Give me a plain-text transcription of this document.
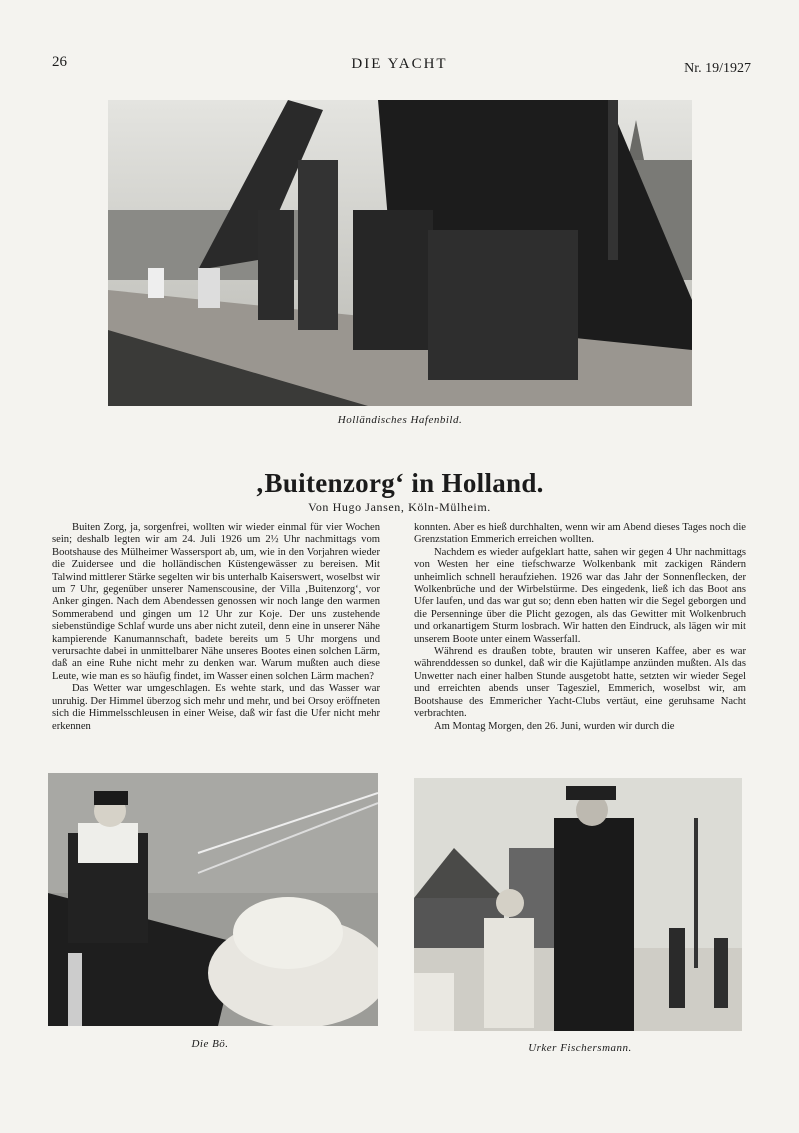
26	DIE YACHT	Nr. 19/1927
Holländisches Hafenbild.
‚Buitenzorg‘ in Holland.
Von Hugo Jansen, Köln-Mülheim.

Buiten Zorg, ja, sorgenfrei, wollten wir wieder einmal für vier Wochen sein; deshalb legten wir am 24. Juli 1926 um 2½ Uhr nachmittags vom Bootshause des Mülheimer Wassersport ab, um, wie in den Vorjahren wieder die Zuidersee und die holländischen Küstengewässer zu bereisen. Mit Talwind mittlerer Stärke segelten wir bis unterhalb Kaiserswert, woselbst wir um 7 Uhr, gegenüber unserer Namenscousine, der Villa ‚Buitenzorg‘, vor Anker gingen. Nach dem Abendessen genossen wir noch lange den warmen Sommerabend und gingen um 12 Uhr zur Koje. Der uns zustehende siebenstündige Schlaf wurde uns aber nicht zuteil, denn eine in unserer Nähe kampierende Kanumannschaft, badete bereits um 5 Uhr morgens und verursachte dabei in unmittelbarer Nähe unseres Bootes einen solchen Lärm, daß an eine Ruhe nicht mehr zu denken war. Warum mußten auch diese Leute, wie man es so häufig findet, im Wasser einen solchen Lärm machen?

Das Wetter war umgeschlagen. Es wehte stark, und das Wasser war unruhig. Der Himmel überzog sich mehr und mehr, und bei Orsoy eröffneten sich die Himmelsschleusen in einer Weise, daß wir fast die Ufer nicht mehr erkennen

konnten. Aber es hieß durchhalten, wenn wir am Abend dieses Tages noch die Grenzstation Emmerich erreichen wollten.

Nachdem es wieder aufgeklart hatte, sahen wir gegen 4 Uhr nachmittags von Westen her eine tiefschwarze Wolkenbank mit zackigen Rändern unheimlich schnell heraufziehen. 1926 war das Jahr der Sonnenflecken, der Wolkenbrüche und der Wirbelstürme. Des eingedenk, ließ ich das Boot ans Ufer laufen, und das war gut so; denn eben hatten wir die Segel geborgen und die Persenninge über die Plicht gezogen, als das Gewitter mit Wolkenbruch und orkanartigem Sturm losbrach. Wir hatten den Eindruck, als lägen wir mit unserem Boote unter einem Wasserfall.

Während es draußen tobte, brauten wir unseren Kaffee, aber es war währenddessen so dunkel, daß wir die Kajütlampe anzünden mußten. Als das Unwetter nach einer halben Stunde ausgetobt hatte, setzten wir wieder Segel und erreichten abends unser Tagesziel, Emmerich, woselbst wir, am Bootshause des Emmericher Yacht-Clubs vertäut, eine geruhsame Nacht verbrachten.

Am Montag Morgen, den 26. Juni, wurden wir durch die

Die Bö.	Urker Fischersmann.
